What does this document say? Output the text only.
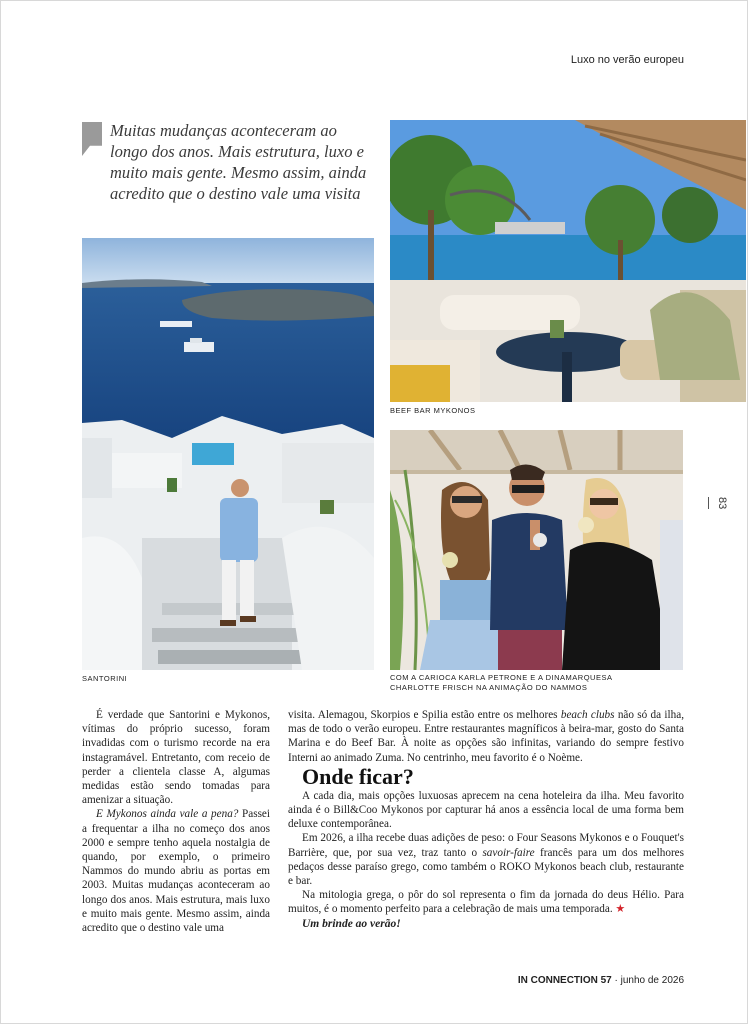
Luxo no verão europeu

Muitas mudanças aconteceram ao longo dos anos. Mais estrutura, luxo e muito mais gente. Mesmo assim, ainda acredito que o destino vale uma visita

BEEF BAR MYKONOS
SANTORINI	COM A CARIOCA KARLA PETRONE E A DINAMARQUESA
CHARLOTTE FRISCH NA ANIMAÇÃO DO NAMMOS
83

É verdade que Santorini e Mykonos, vítimas do próprio sucesso, foram invadidas com o turismo recorde na era instagramável. Entretanto, com receio de perder a clientela classe A, algumas medidas estão sendo tomadas para amenizar a situação.

E Mykonos ainda vale a pena? Passei a frequentar a ilha no começo dos anos 2000 e sempre tenho aquela nostalgia de quando, por exemplo, o primeiro Nammos do mundo abriu as portas em 2003. Muitas mudanças aconteceram ao longo dos anos. Mais estrutura, mais luxo e muito mais gente. Mesmo assim, ainda acredito que o destino vale uma

visita. Alemagou, Skorpios e Spilia estão entre os melhores beach clubs não só da ilha, mas de todo o verão europeu. Entre restaurantes magníficos à beira-mar, gosto do Santa Marina e do Beef Bar. À noite as opções são infinitas, variando do sempre festivo Interni ao animado Zuma. No centrinho, meu favorito é o Noème.

Onde ficar?

A cada dia, mais opções luxuosas aprecem na cena hoteleira da ilha. Meu favorito ainda é o Bill&Coo Mykonos por capturar há anos a essência local de uma forma bem deluxe contemporânea.

Em 2026, a ilha recebe duas adições de peso: o Four Seasons Mykonos e o Fouquet's Barrière, que, por sua vez, traz tanto o savoir-faire francês para um dos melhores pedaços desse paraíso grego, como também o ROKO Mykonos beach club, restaurante e bar.

Na mitologia grega, o pôr do sol representa o fim da jornada do deus Hélio. Para muitos, é o momento perfeito para a celebração de mais uma temporada. ★

Um brinde ao verão!

IN CONNECTION 57 · junho de 2026
